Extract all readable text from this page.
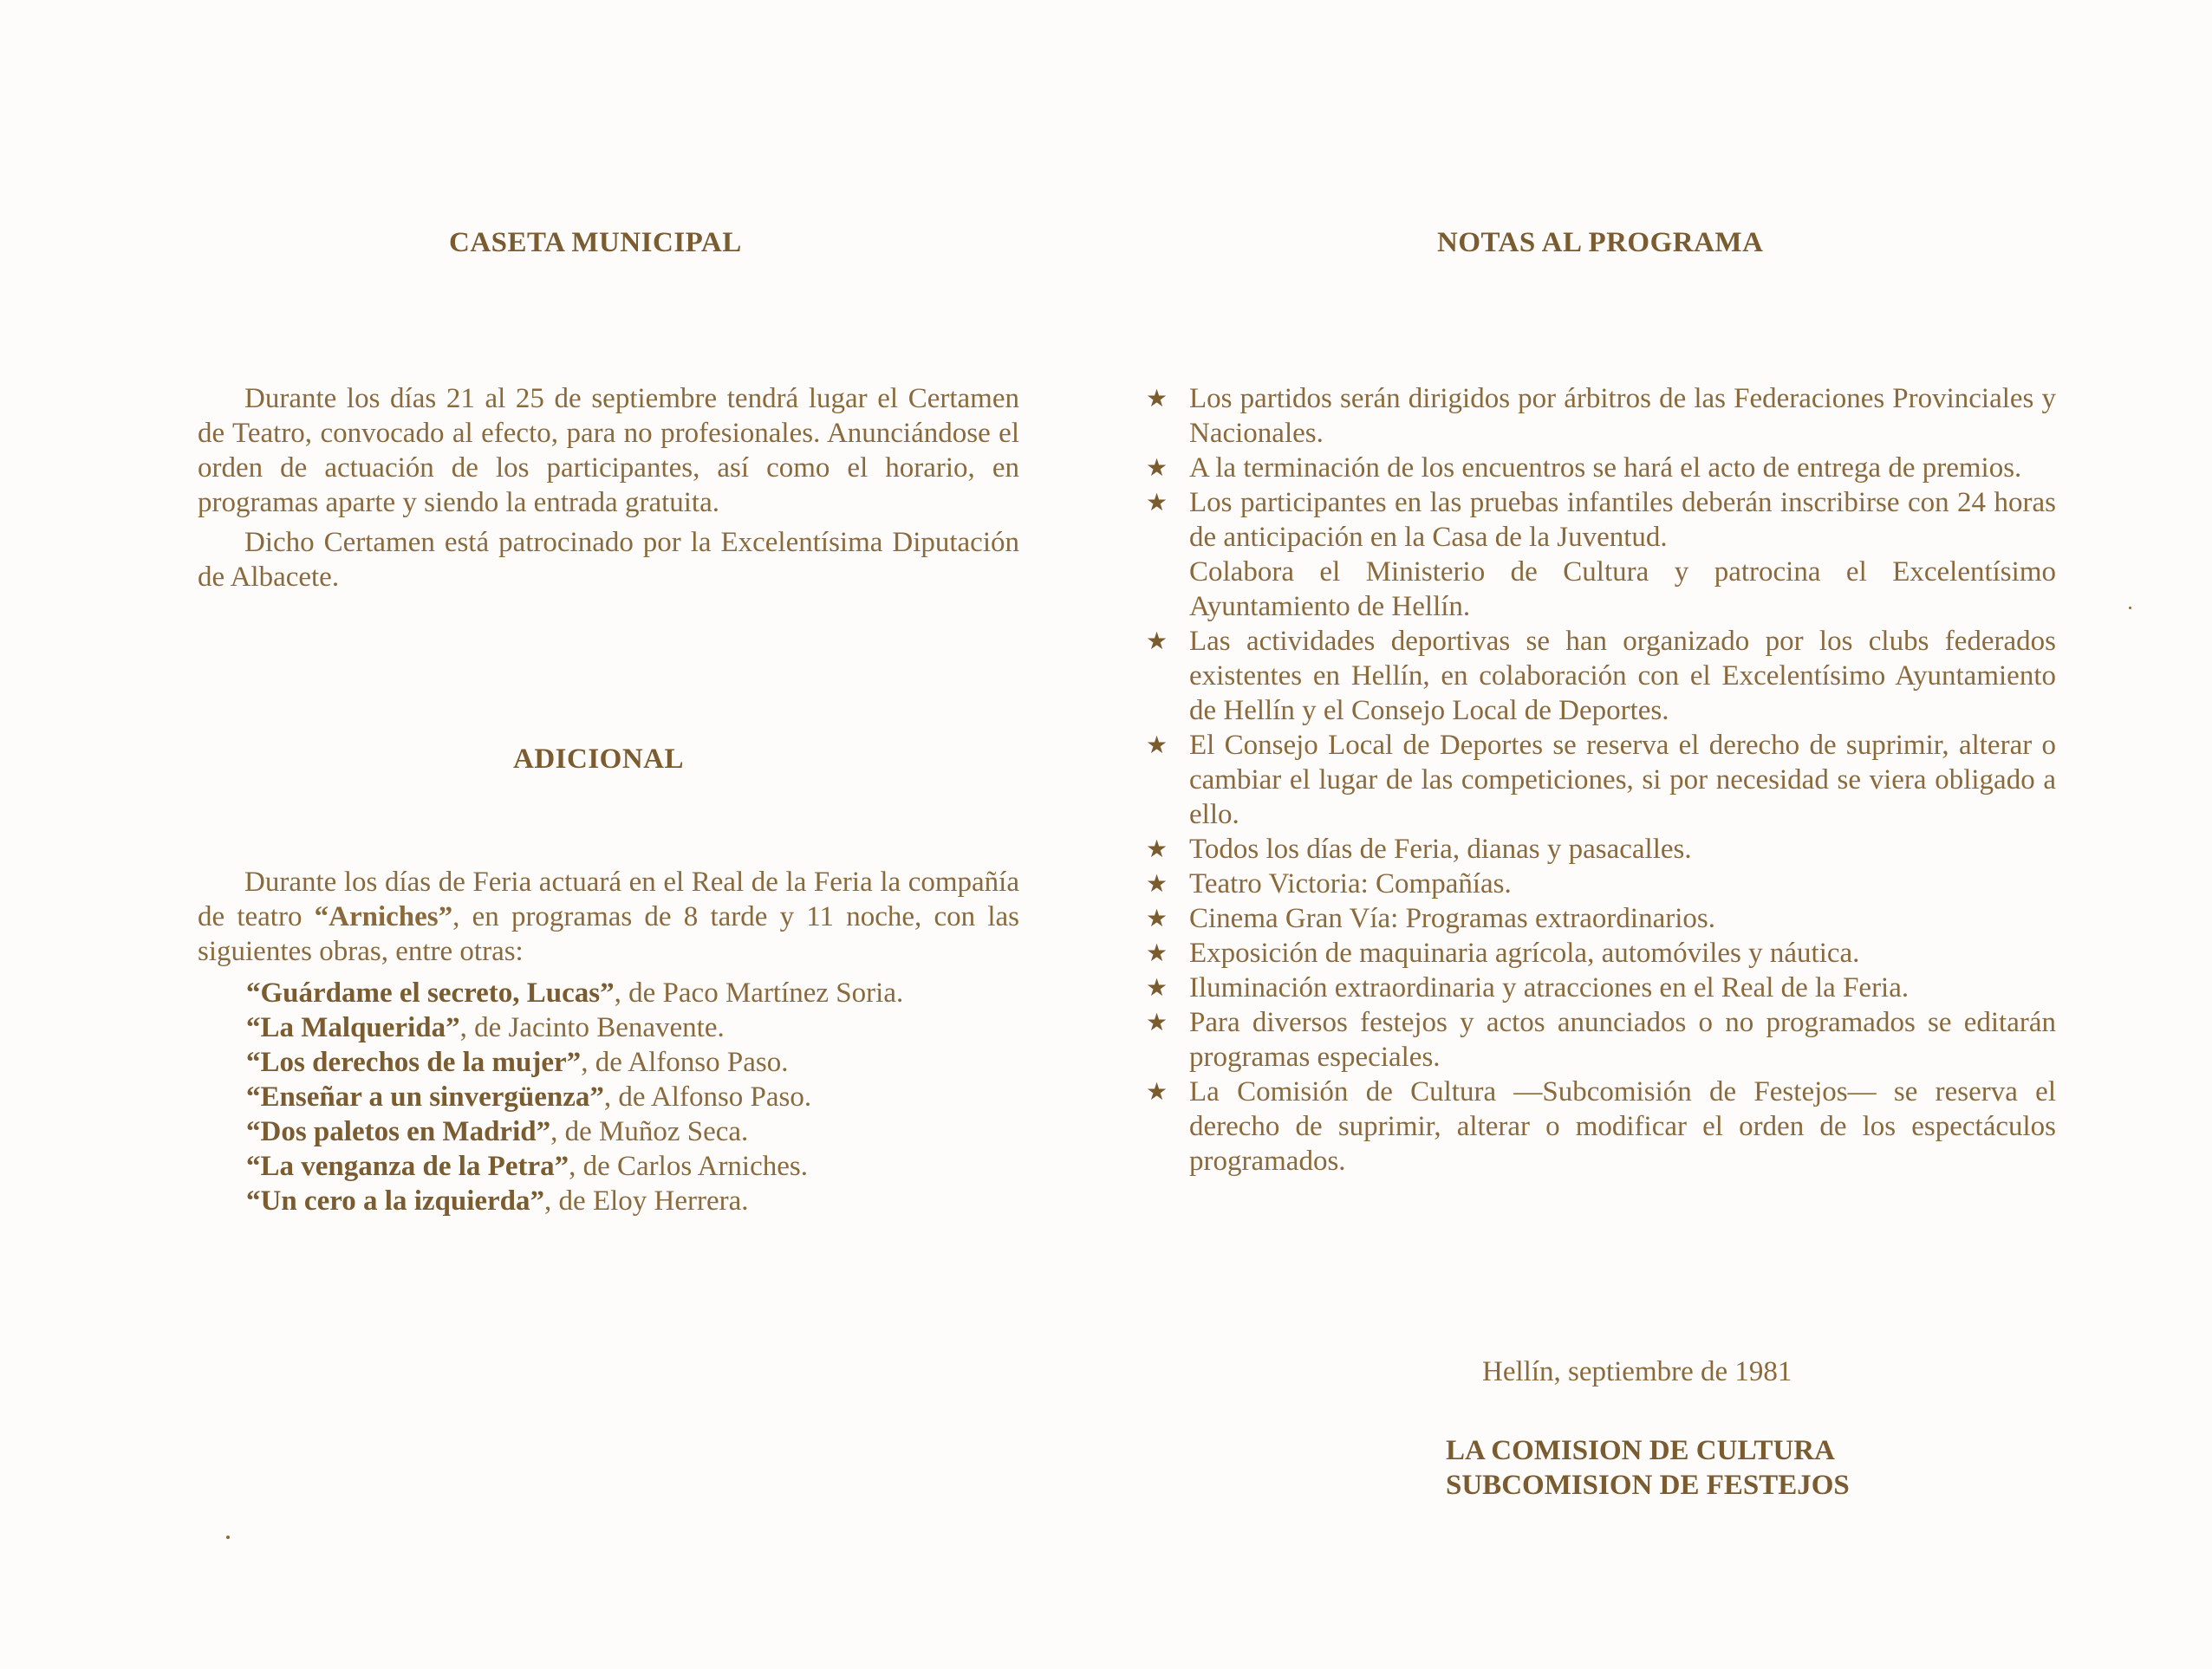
CASETA MUNICIPAL

Durante los días 21 al 25 de septiembre tendrá lugar el Certamen de Teatro, convocado al efecto, para no profesionales. Anunciándose el orden de actuación de los participantes, así como el horario, en programas aparte y siendo la entrada gratuita.

Dicho Certamen está patrocinado por la Excelentísima Diputación de Albacete.

ADICIONAL

Durante los días de Feria actuará en el Real de la Feria la compañía de teatro “Arniches”, en programas de 8 tarde y 11 noche, con las siguientes obras, entre otras:

“Guárdame el secreto, Lucas”, de Paco Martínez Soria.
“La Malquerida”, de Jacinto Benavente.
“Los derechos de la mujer”, de Alfonso Paso.
“Enseñar a un sinvergüenza”, de Alfonso Paso.
“Dos paletos en Madrid”, de Muñoz Seca.
“La venganza de la Petra”, de Carlos Arniches.
“Un cero a la izquierda”, de Eloy Herrera.
NOTAS AL PROGRAMA
★ Los partidos serán dirigidos por árbitros de las Federaciones Provinciales y Nacionales.
★ A la terminación de los encuentros se hará el acto de entrega de premios.
★ Los participantes en las pruebas infantiles deberán inscribirse con 24 horas de anticipación en la Casa de la Juventud.
Colabora el Ministerio de Cultura y patrocina el Excelentísimo Ayuntamiento de Hellín.
★ Las actividades deportivas se han organizado por los clubs federados existentes en Hellín, en colaboración con el Excelentísimo Ayuntamiento de Hellín y el Consejo Local de Deportes.
★ El Consejo Local de Deportes se reserva el derecho de suprimir, alterar o cambiar el lugar de las competiciones, si por necesidad se viera obligado a ello.
★ Todos los días de Feria, dianas y pasacalles.
★ Teatro Victoria: Compañías.
★ Cinema Gran Vía: Programas extraordinarios.
★ Exposición de maquinaria agrícola, automóviles y náutica.
★ Iluminación extraordinaria y atracciones en el Real de la Feria.
★ Para diversos festejos y actos anunciados o no programados se editarán programas especiales.
★ La Comisión de Cultura —Subcomisión de Festejos— se reserva el derecho de suprimir, alterar o modificar el orden de los espectáculos programados.
Hellín, septiembre de 1981
LA COMISION DE CULTURA
SUBCOMISION DE FESTEJOS
